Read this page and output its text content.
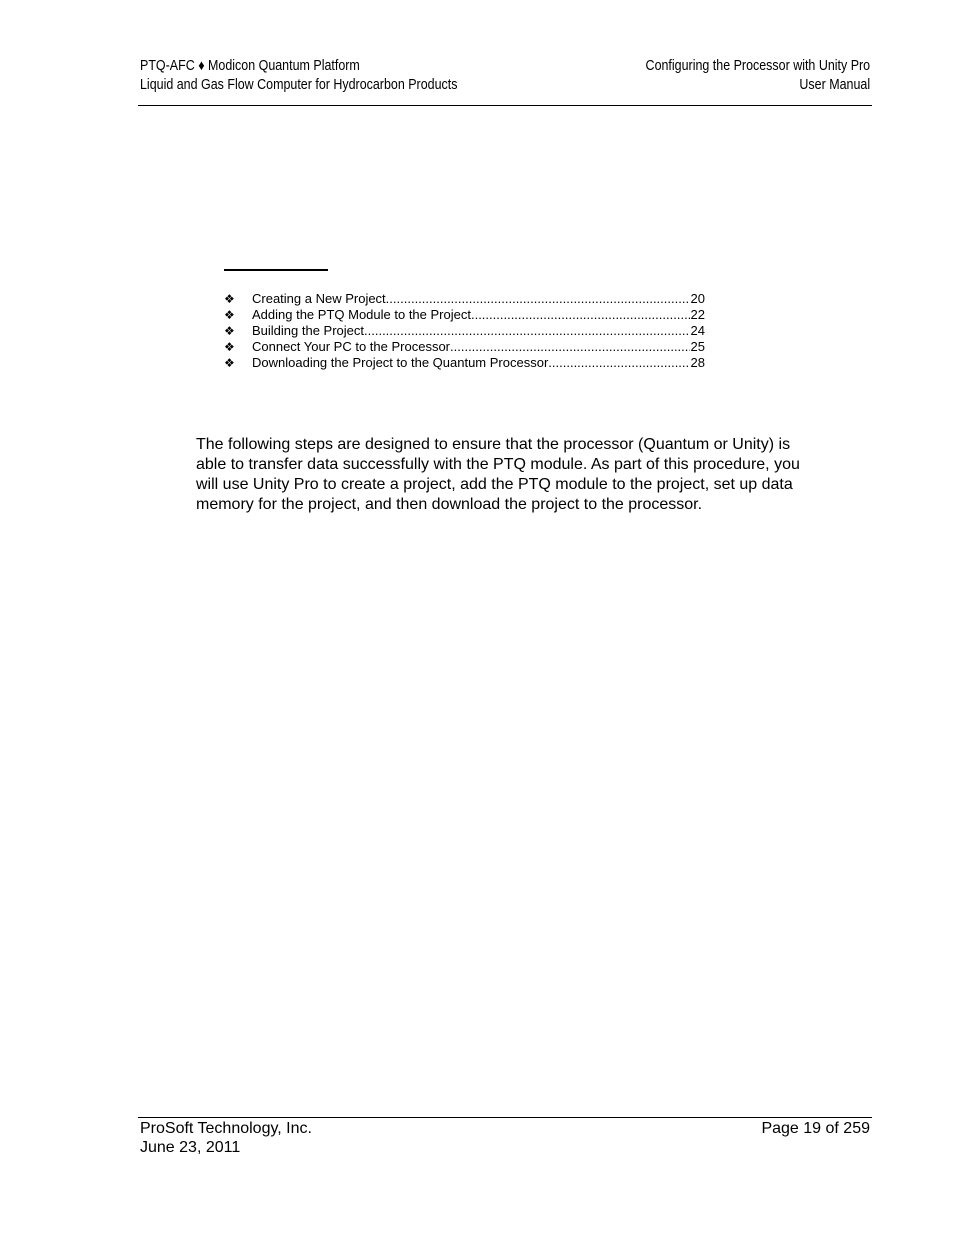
PTQ-AFC ♦ Modicon Quantum Platform
Liquid and Gas Flow Computer for Hydrocarbon Products
Configuring the Processor with Unity Pro
User Manual
❖	Creating a New Project .....	20
❖	Adding the PTQ Module to the Project .....	22
❖	Building the Project .....	24
❖	Connect Your PC to the Processor .....	25
❖	Downloading the Project to the Quantum Processor .....	28

The following steps are designed to ensure that the processor (Quantum or Unity) is able to transfer data successfully with the PTQ module. As part of this procedure, you will use Unity Pro to create a project, add the PTQ module to the project, set up data memory for the project, and then download the project to the processor.

ProSoft Technology, Inc.
June 23, 2011
Page 19 of 259
